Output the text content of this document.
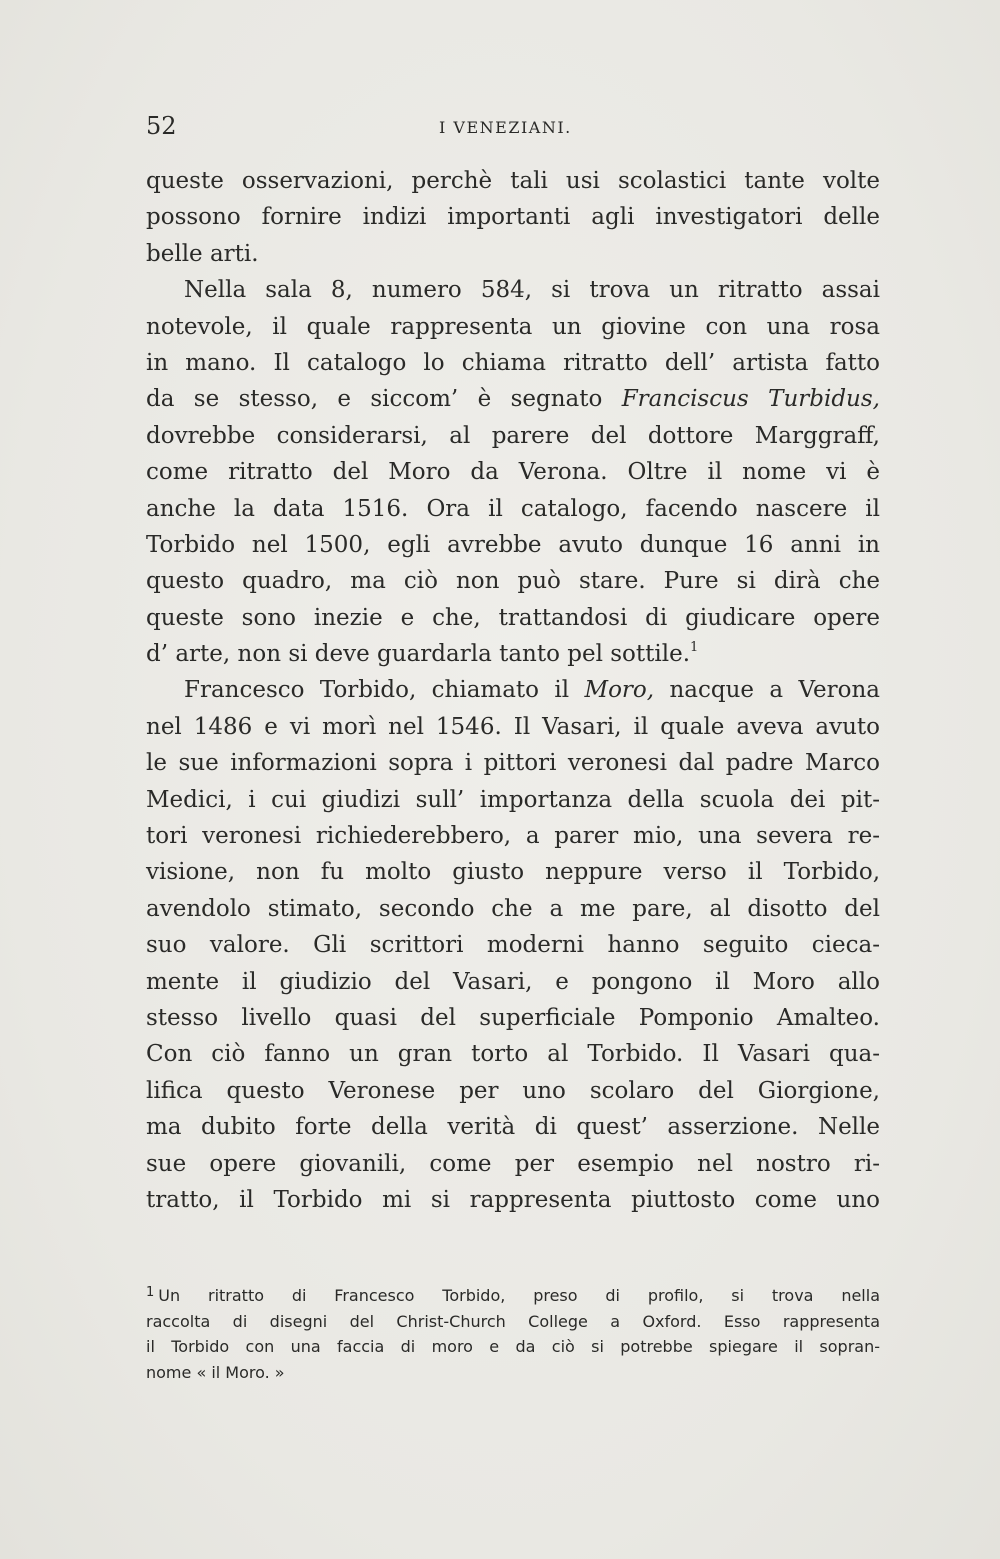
52	I VENEZIANI.
queste osservazioni, perchè tali usi scolastici tante volte
possono fornire indizi importanti agli investigatori delle
belle arti.
Nella sala 8, numero 584, si trova un ritratto assai
notevole, il quale rappresenta un giovine con una rosa
in mano. Il catalogo lo chiama ritratto dell’ artista fatto
da se stesso, e siccom’ è segnato Franciscus Turbidus,
dovrebbe considerarsi, al parere del dottore Marggraff,
come ritratto del Moro da Verona. Oltre il nome vi è
anche la data 1516. Ora il catalogo, facendo nascere il
Torbido nel 1500, egli avrebbe avuto dunque 16 anni in
questo quadro, ma ciò non può stare. Pure si dirà che
queste sono inezie e che, trattandosi di giudicare opere
d’ arte, non si deve guardarla tanto pel sottile.$^1$
Francesco Torbido, chiamato il Moro, nacque a Verona
nel 1486 e vi morì nel 1546. Il Vasari, il quale aveva avuto
le sue informazioni sopra i pittori veronesi dal padre Marco
Medici, i cui giudizi sull’ importanza della scuola dei pit-
tori veronesi richiederebbero, a parer mio, una severa re-
visione, non fu molto giusto neppure verso il Torbido,
avendolo stimato, secondo che a me pare, al disotto del
suo valore. Gli scrittori moderni hanno seguito cieca-
mente il giudizio del Vasari, e pongono il Moro allo
stesso livello quasi del superficiale Pomponio Amalteo.
Con ciò fanno un gran torto al Torbido. Il Vasari qua-
lifica questo Veronese per uno scolaro del Giorgione,
ma dubito forte della verità di quest’ asserzione. Nelle
sue opere giovanili, come per esempio nel nostro ri-
tratto, il Torbido mi si rappresenta piuttosto come uno
$^1$ Un ritratto di Francesco Torbido, preso di profilo, si trova nella
raccolta di disegni del Christ-Church College a Oxford. Esso rappresenta
il Torbido con una faccia di moro e da ciò si potrebbe spiegare il sopran-
nome « il Moro. »
